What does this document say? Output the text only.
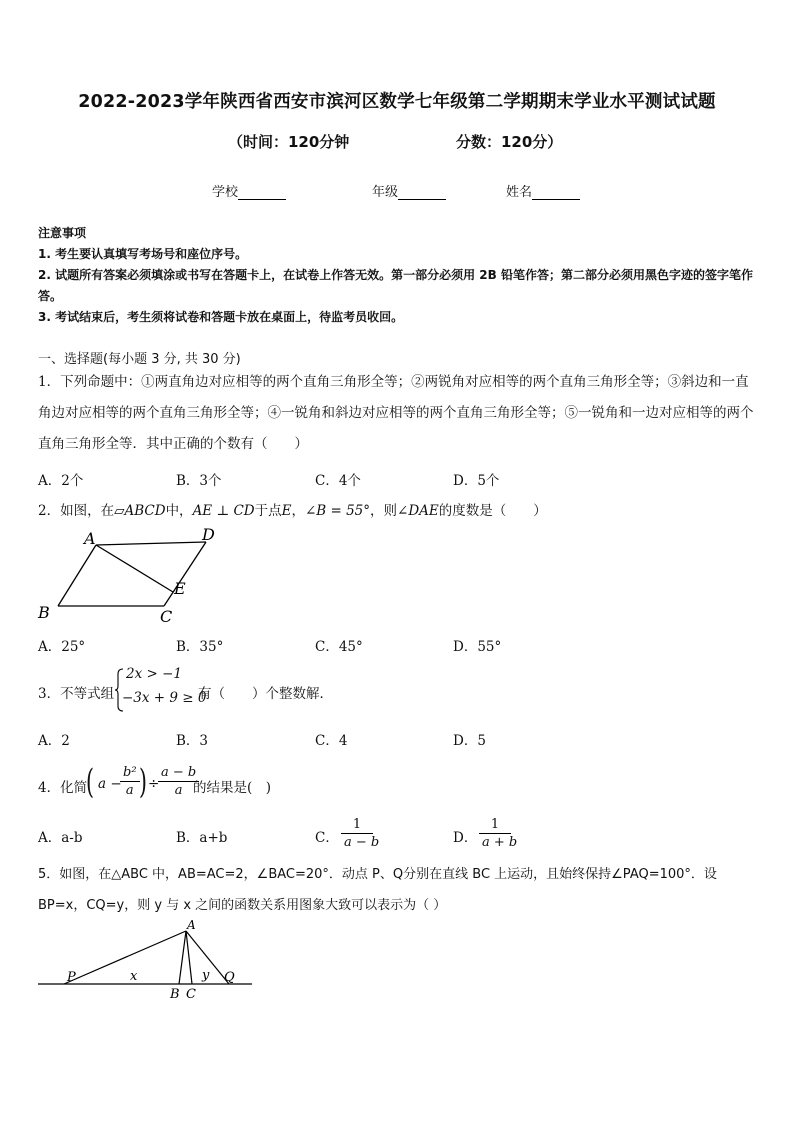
2022-2023学年陕西省西安市滨河区数学七年级第二学期期末学业水平测试试题
（时间：120分钟	分数：120分）
学校	年级	姓名

注意事项

1. 考生要认真填写考场号和座位序号。

2. 试题所有答案必须填涂或书写在答题卡上，在试卷上作答无效。第一部分必须用 2B 铅笔作答；第二部分必须用黑色字迹的签字笔作答。

3. 考试结束后，考生须将试卷和答题卡放在桌面上，待监考员收回。

一、选择题(每小题 3 分, 共 30 分)
1．下列命题中：①两直角边对应相等的两个直角三角形全等；②两锐角对应相等的两个直角三角形全等；③斜边和一直角边对应相等的两个直角三角形全等；④一锐角和斜边对应相等的两个直角三角形全等；⑤一锐角和一边对应相等的两个直角三角形全等．其中正确的个数有（　　）
A．2个	B．3个	C．4个	D．5个
2．如图，在▱ABCD中，AE ⊥ CD于点E，∠B = 55°，则∠DAE的度数是（　　）
A	D
E
B	C
A．25°	B．35°	C．45°	D．55°
3．不等式组
2x > −1
−3x + 9 ≥ 0
有（　　）个整数解．
A．2	B．3	C．4	D．5
4．化简
( a −
$\frac{\text{b²}}{a}$ ) ÷
$\frac{a - b}{a}$
的结果是(　)
A．a-b	B．a+b	C． $\frac{1}{a - b}$	D． $\frac{1}{a + b}$
5．如图，在△ABC 中，AB=AC=2，∠BAC=20°．动点 P、Q分别在直线 BC 上运动，且始终保持∠PAQ=100°．设
BP=x，CQ=y，则 y 与 x 之间的函数关系用图象大致可以表示为（ ）
A
P	x	y Q
B C
